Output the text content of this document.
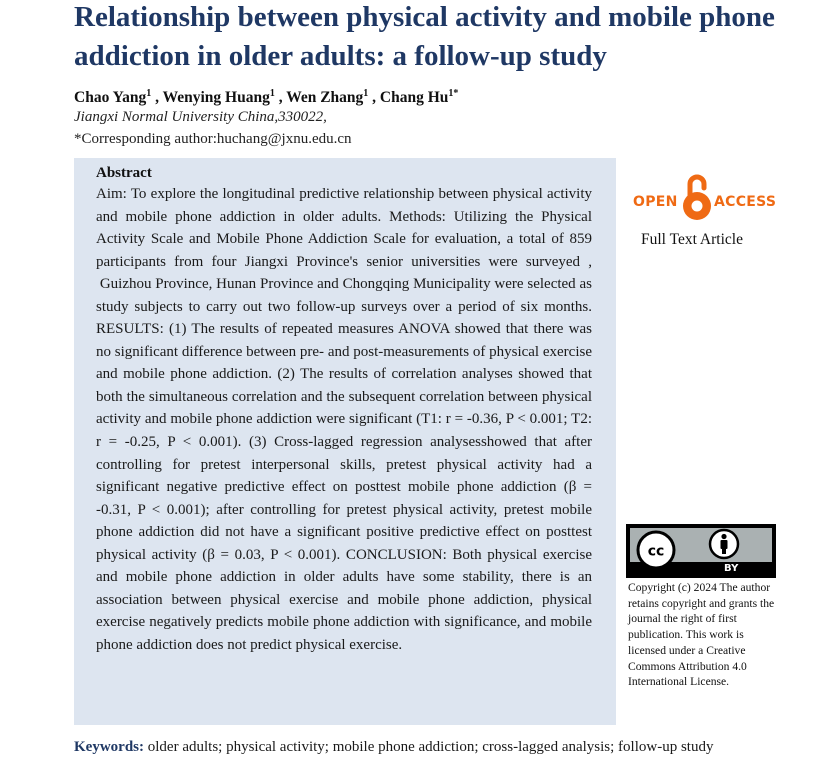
Relationship between physical activity and mobile phone addiction in older adults: a follow-up study
Chao Yang$^1$ , Wenying Huang$^1$ , Wen Zhang$^1$ , Chang $Hu^{1*}$
Jiangxi Normal University China,330022,
*Corresponding author:huchang@jxnu.edu.cn
Abstract

Aim: To explore the longitudinal predictive relationship between physical activity and mobile phone addiction in older adults. Methods: Utilizing the Physical Activity Scale and Mobile Phone Addiction Scale for evaluation, a total of 859 participants from four Jiangxi Province's senior universities were surveyed ,  Guizhou Province, Hunan Province and Chongqing Municipality were selected as study subjects to carry out two follow-up surveys over a period of six months. RESULTS: (1) The results of repeated measures ANOVA showed that there was no significant difference between pre- and post-measurements of physical exercise and mobile phone addiction. (2) The results of correlation analyses showed that both the simultaneous correlation and the subsequent correlation between physical activity and mobile phone addiction were significant (T1: r = -0.36, P < 0.001; T2: r = -0.25, P < 0.001). (3) Cross-lagged regression analysesshowed that after controlling for pretest interpersonal skills, pretest physical activity had a significant negative predictive effect on posttest mobile phone addiction (β = -0.31, P < 0.001); after controlling for pretest physical activity, pretest mobile phone addiction did not have a significant positive predictive effect on posttest physical activity (β = 0.03, P < 0.001). CONCLUSION: Both physical exercise and mobile phone addiction in older adults have some stability, there is an association between physical exercise and mobile phone addiction, physical exercise negatively predicts mobile phone addiction with significance, and mobile phone addiction does not predict physical exercise.

OPEN	ACCESS
Full Text Article
cc
BY
Copyright (c) 2024 The author retains copyright and grants the journal the right of first publication. This work is licensed under a Creative Commons Attribution 4.0 International License.
Keywords: older adults; physical activity; mobile phone addiction; cross-lagged analysis; follow-up study
